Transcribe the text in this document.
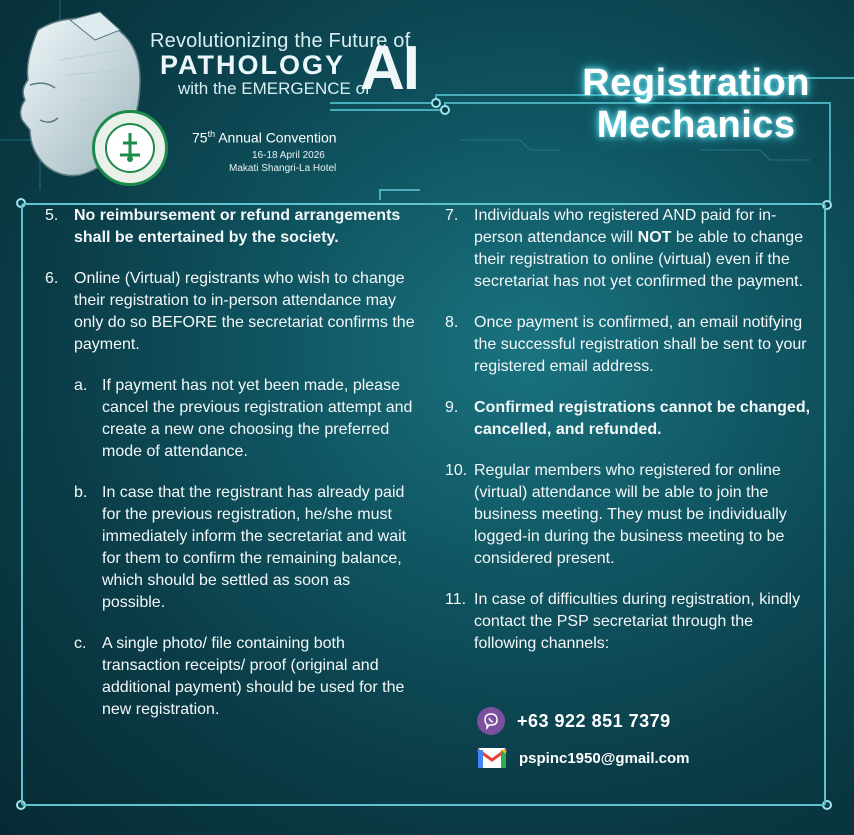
Revolutionizing the Future of
PATHOLOGY
with the EMERGENCE of
AI
75th Annual Convention
16-18 April 2026
Makati Shangri-La Hotel
Registration
Mechanics
5. No reimbursement or refund arrangements shall be entertained by the society.
6. Online (Virtual) registrants who wish to change their registration to in-person attendance may only do so BEFORE the secretariat confirms the payment.
a. If payment has not yet been made, please cancel the previous registration attempt and create a new one choosing the preferred mode of attendance.
b. In case that the registrant has already paid for the previous registration, he/she must immediately inform the secretariat and wait for them to confirm the remaining balance, which should be settled as soon as possible.
c. A single photo/ file containing both transaction receipts/ proof (original and additional payment) should be used for the new registration.
7. Individuals who registered AND paid for in-person attendance will NOT be able to change their registration to online (virtual) even if the secretariat has not yet confirmed the payment.
8. Once payment is confirmed, an email notifying the successful registration shall be sent to your registered email address.
9. Confirmed registrations cannot be changed, cancelled, and refunded.
10. Regular members who registered for online (virtual) attendance will be able to join the business meeting. They must be individually logged-in during the business meeting to be considered present.
11. In case of difficulties during registration, kindly contact the PSP secretariat through the following channels:
+63 922 851 7379
pspinc1950@gmail.com
